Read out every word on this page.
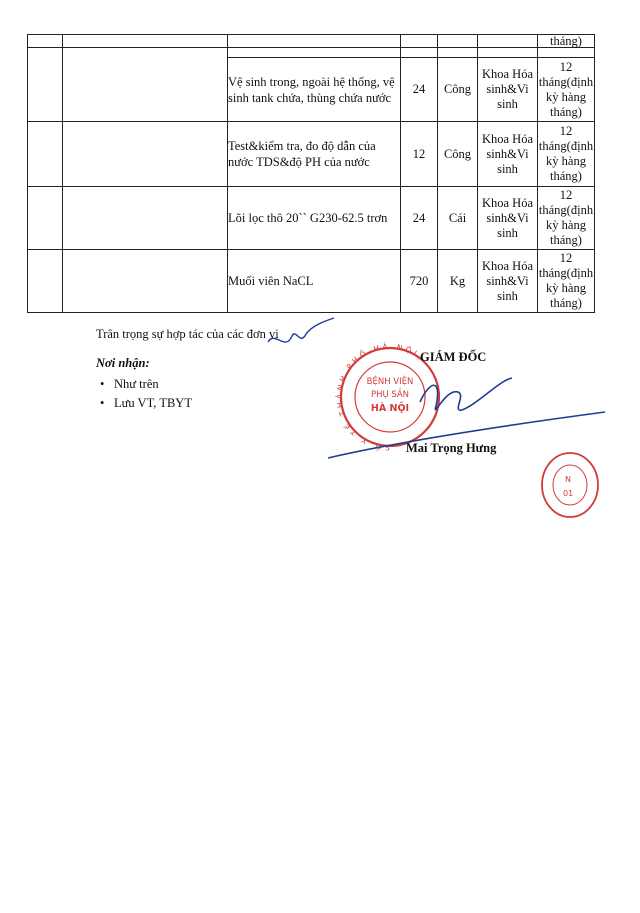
						tháng)

		Vệ sinh trong, ngoài hệ thống, vệ sinh tank chứa, thùng chứa nước	24	Công	Khoa Hóa sinh&Vi sinh	12 tháng(định kỳ hàng tháng)
		Test&kiểm tra, đo độ dẫn của nước TDS&độ PH của nước	12	Công	Khoa Hóa sinh&Vi sinh	12 tháng(định kỳ hàng tháng)
		Lõi lọc thô 20`` G230-62.5 trơn	24	Cái	Khoa Hóa sinh&Vi sinh	12 tháng(định kỳ hàng tháng)
		Muối viên NaCL	720	Kg	Khoa Hóa sinh&Vi sinh	12 tháng(định kỳ hàng tháng)
Trân trọng sự hợp tác của các đơn vị
Nơi nhận:
• Như trên
• Lưu VT, TBYT
SỞ Y TẾ THÀNH PHỐ HÀ NỘI
BỆNH VIỆN
PHỤ SẢN
HÀ NỘI
N
01
GIÁM ĐỐC
Mai Trọng Hưng
